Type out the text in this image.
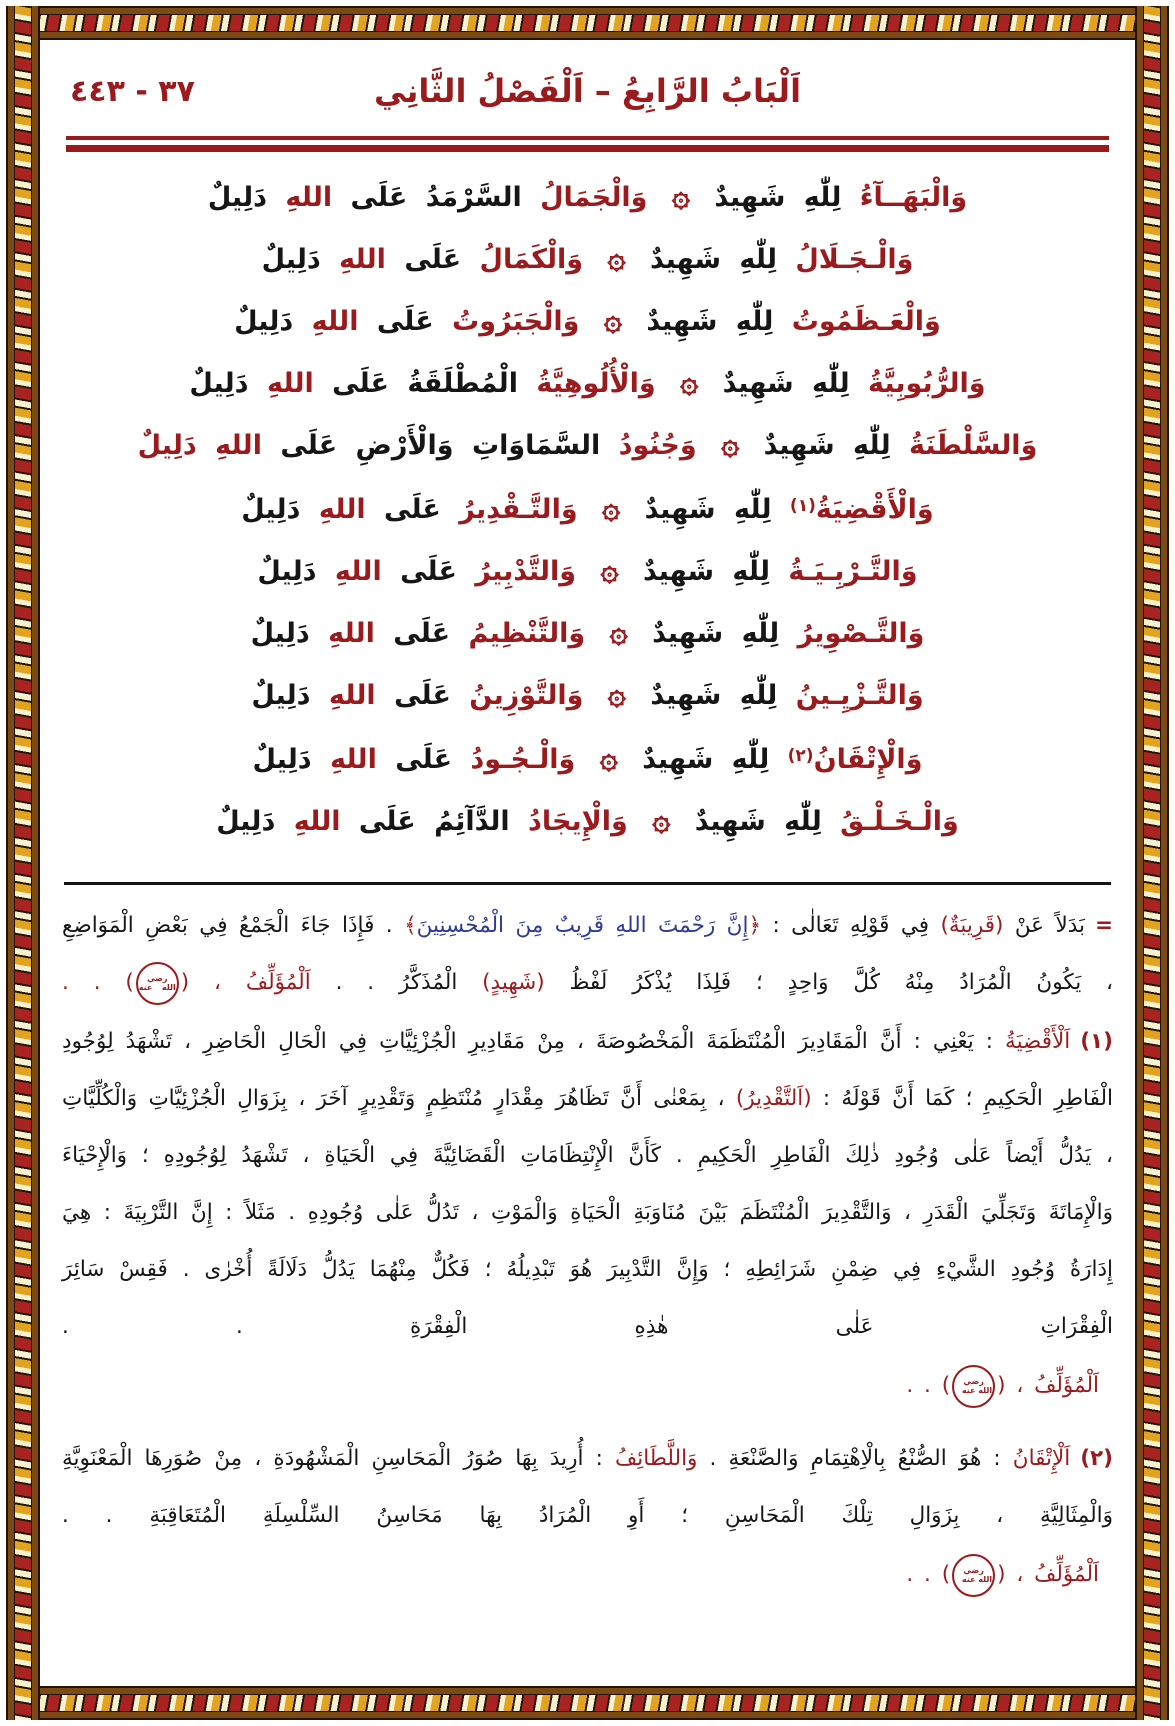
٣٧ - ٤٤٣	اَلْبَابُ الرَّابِعُ – اَلْفَصْلُ الثَّانِي
وَالْبَهَــآءُ لِلّٰهِ شَهِيدٌ ۞ وَالْجَمَالُ السَّرْمَدُ عَلَى اللهِ دَلِيلٌ
وَالْـجَـلَالُ لِلّٰهِ شَهِيدٌ ۞ وَالْكَمَالُ عَلَى اللهِ دَلِيلٌ
وَالْعَـظَمُوتُ لِلّٰهِ شَهِيدٌ ۞ وَالْجَبَرُوتُ عَلَى اللهِ دَلِيلٌ
وَالرُّبُوبِيَّةُ لِلّٰهِ شَهِيدٌ ۞ وَالْأُلُوهِيَّةُ الْمُطْلَقَةُ عَلَى اللهِ دَلِيلٌ
وَالسَّلْطَنَةُ لِلّٰهِ شَهِيدٌ ۞ وَجُنُودُ السَّمَاوَاتِ وَالْأَرْضِ عَلَى اللهِ دَلِيلٌ
وَالْأَقْضِيَةُ$^{(١)}$ لِلّٰهِ شَهِيدٌ ۞ وَالتَّـقْدِيرُ عَلَى اللهِ دَلِيلٌ
وَالتَّـرْبِـيَـةُ لِلّٰهِ شَهِيدٌ ۞ وَالتَّدْبِيرُ عَلَى اللهِ دَلِيلٌ
وَالتَّـصْوِيرُ لِلّٰهِ شَهِيدٌ ۞ وَالتَّنْظِيمُ عَلَى اللهِ دَلِيلٌ
وَالتَّـزْيِـينُ لِلّٰهِ شَهِيدٌ ۞ وَالتَّوْزِينُ عَلَى اللهِ دَلِيلٌ
وَالْإِتْقَانُ$^{(٢)}$ لِلّٰهِ شَهِيدٌ ۞ وَالْـجُـودُ عَلَى اللهِ دَلِيلٌ
وَالْـخَـلْـقُ لِلّٰهِ شَهِيدٌ ۞ وَالْإِيجَادُ الدَّآئِمُ عَلَى اللهِ دَلِيلٌ

=بَدَلاً عَنْ (قَرِيبَةٌ) فِي قَوْلِهِ تَعَالٰى : ﴿إِنَّ رَحْمَتَ اللهِ قَرِيبٌ مِنَ الْمُحْسِنِينَ﴾ . فَإِذَا جَاءَ الْجَمْعُ فِي بَعْضِ الْمَوَاضِعِ ، يَكُونُ الْمُرَادُ مِنْهُ كُلَّ وَاحِدٍ ؛ فَلِذَا يُذْكَرُ لَفْظُ (شَهِيدٍ) الْمُذَكَّرُ . . اَلْمُؤَلِّفُ ، (رضي الله عنه) . .

(١)اَلْأَقْضِيَةُ : يَعْنِي : أَنَّ الْمَقَادِيرَ الْمُنْتَظَمَةَ الْمَخْصُوصَةَ ، مِنْ مَقَادِيرِ الْجُزْئِيَّاتِ فِي الْحَالِ الْحَاضِرِ ، تَشْهَدُ لِوُجُودِ الْفَاطِرِ الْحَكِيمِ ؛ كَمَا أَنَّ قَوْلَهُ : (اَلتَّقْدِيرُ) ، بِمَعْنٰى أَنَّ تَظَاهُرَ مِقْدَارٍ مُنْتَظِمٍ وَتَقْدِيرٍ آخَرَ ، بِزَوَالِ الْجُزْئِيَّاتِ وَالْكُلِّيَّاتِ ، يَدُلُّ أَيْضاً عَلٰى وُجُودِ ذٰلِكَ الْفَاطِرِ الْحَكِيمِ . كَأَنَّ الْإِنْتِظَامَاتِ الْقَضَائِيَّةَ فِي الْحَيَاةِ ، تَشْهَدُ لِوُجُودِهِ ؛ وَالْإِحْيَاءَ وَالْإِمَاتَةَ وَتَجَلِّيَ الْقَدَرِ ، وَالتَّقْدِيرَ الْمُنْتَظَمَ بَيْنَ مُنَاوَبَةِ الْحَيَاةِ وَالْمَوْتِ ، تَدُلُّ عَلٰى وُجُودِهِ . مَثَلاً : إِنَّ التَّرْبِيَةَ : هِيَ إِدَارَةُ وُجُودِ الشَّيْءِ فِي ضِمْنِ شَرَائِطِهِ ؛ وَإِنَّ التَّدْبِيرَ هُوَ تَبْدِيلُهُ ؛ فَكُلٌّ مِنْهُمَا يَدُلُّ دَلَالَةً أُخْرٰى . فَقِسْ سَائِرَ الْفِقْرَاتِ عَلٰى هٰذِهِ الْفِقْرَةِ . .

اَلْمُؤَلِّفُ ، (رضي الله عنه) . .

(٢)اَلْإِتْقَانُ : هُوَ الصُّنْعُ بِالْاِهْتِمَامِ وَالصَّنْعَةِ . وَاللَّطَائِفُ : أُرِيدَ بِهَا صُوَرُ الْمَحَاسِنِ الْمَشْهُودَةِ ، مِنْ صُوَرِهَا الْمَعْنَوِيَّةِ وَالْمِثَالِيَّةِ ، بِزَوَالِ تِلْكَ الْمَحَاسِنِ ؛ أَوِ الْمُرَادُ بِهَا مَحَاسِنُ السِّلْسِلَةِ الْمُتَعَاقِبَةِ . .

اَلْمُؤَلِّفُ ، (رضي الله عنه) . .
